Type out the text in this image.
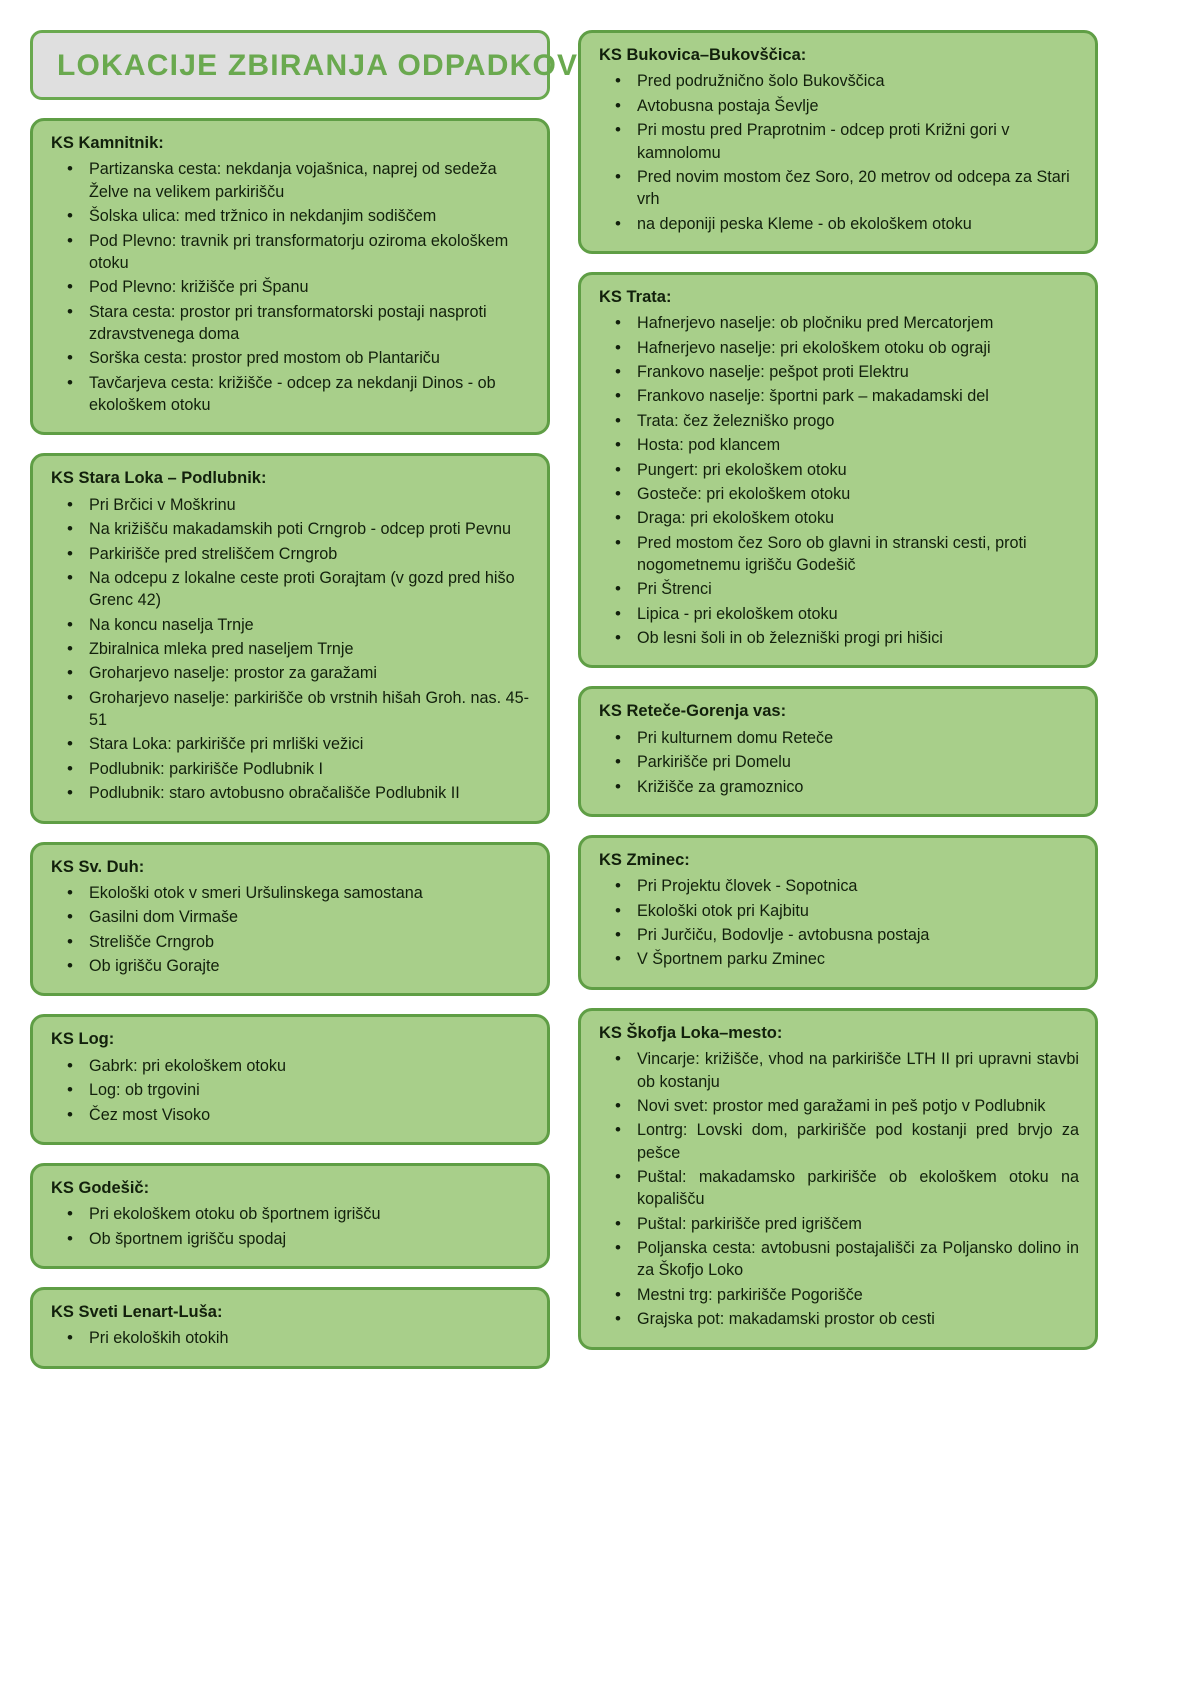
LOKACIJE ZBIRANJA ODPADKOV
KS Kamnitnik:
• Partizanska cesta: nekdanja vojašnica, naprej od sedeža Želve na velikem parkirišču
• Šolska ulica: med tržnico in nekdanjim sodiščem
• Pod Plevno: travnik pri transformatorju oziroma ekološkem otoku
• Pod Plevno: križišče pri Španu
• Stara cesta: prostor pri transformatorski postaji nasproti zdravstvenega doma
• Sorška cesta: prostor pred mostom ob Plantariču
• Tavčarjeva cesta: križišče - odcep za nekdanji Dinos - ob ekološkem otoku
KS Stara Loka – Podlubnik:
• Pri Brčici v Moškrinu
• Na križišču makadamskih poti Crngrob - odcep proti Pevnu
• Parkirišče pred streliščem Crngrob
• Na odcepu z lokalne ceste proti Gorajtam (v gozd pred hišo Grenc 42)
• Na koncu naselja Trnje
• Zbiralnica mleka pred naseljem Trnje
• Groharjevo naselje: prostor za garažami
• Groharjevo naselje: parkirišče ob vrstnih hišah Groh. nas. 45-51
• Stara Loka: parkirišče pri mrliški vežici
• Podlubnik: parkirišče Podlubnik I
• Podlubnik: staro avtobusno obračališče Podlubnik II
KS Sv. Duh:
• Ekološki otok v smeri Uršulinskega samostana
• Gasilni dom Virmaše
• Strelišče Crngrob
• Ob igrišču Gorajte
KS Log:
• Gabrk: pri ekološkem otoku
• Log: ob trgovini
• Čez most Visoko
KS Godešič:
• Pri ekološkem otoku ob športnem igrišču
• Ob športnem igrišču spodaj
KS Sveti Lenart-Luša:
• Pri ekoloških otokih
KS Bukovica–Bukovščica:
• Pred podružnično šolo Bukovščica
• Avtobusna postaja Ševlje
• Pri mostu pred Praprotnim - odcep proti Križni gori v kamnolomu
• Pred novim mostom čez Soro, 20 metrov od odcepa za Stari vrh
• na deponiji peska Kleme - ob ekološkem otoku
KS Trata:
• Hafnerjevo naselje: ob pločniku pred Mercatorjem
• Hafnerjevo naselje: pri ekološkem otoku ob ograji
• Frankovo naselje: pešpot proti Elektru
• Frankovo naselje: športni park – makadamski del
• Trata: čez železniško progo
• Hosta: pod klancem
• Pungert: pri ekološkem otoku
• Gosteče: pri ekološkem otoku
• Draga: pri ekološkem otoku
• Pred mostom čez Soro ob glavni in stranski cesti, proti nogometnemu igrišču Godešič
• Pri Štrenci
• Lipica - pri ekološkem otoku
• Ob lesni šoli in ob železniški progi pri hišici
KS Reteče-Gorenja vas:
• Pri kulturnem domu Reteče
• Parkirišče pri Domelu
• Križišče za gramoznico
KS Zminec:
• Pri Projektu človek - Sopotnica
• Ekološki otok pri Kajbitu
• Pri Jurčiču, Bodovlje - avtobusna postaja
• V Športnem parku Zminec
KS Škofja Loka–mesto:
• Vincarje: križišče, vhod na parkirišče LTH II pri upravni stavbi ob kostanju
• Novi svet: prostor med garažami in peš potjo v Podlubnik
• Lontrg: Lovski dom, parkirišče pod kostanji pred brvjo za pešce
• Puštal: makadamsko parkirišče ob ekološkem otoku na kopališču
• Puštal: parkirišče pred igriščem
• Poljanska cesta: avtobusni postajališči za Poljansko dolino in za Škofjo Loko
• Mestni trg: parkirišče Pogorišče
• Grajska pot: makadamski prostor ob cesti
